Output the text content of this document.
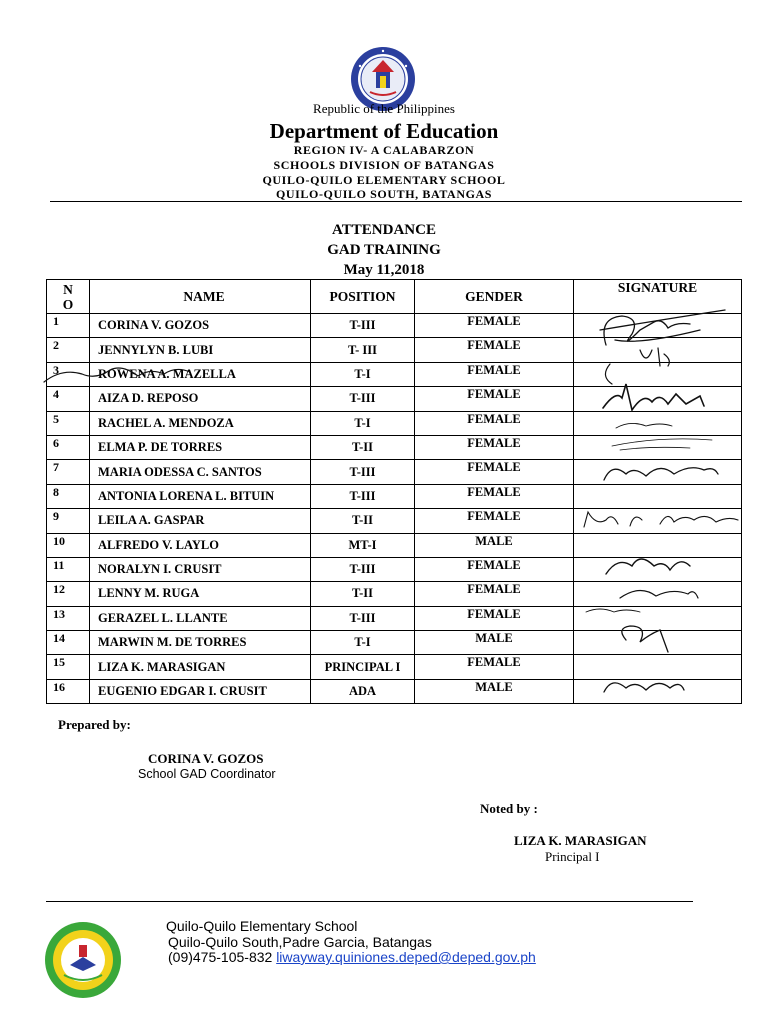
Republic of the Philippines
Department of Education
REGION IV- A CALABARZON
SCHOOLS DIVISION OF BATANGAS
QUILO-QUILO ELEMENTARY SCHOOL
QUILO-QUILO SOUTH, BATANGAS
ATTENDANCE
GAD TRAINING
May 11,2018
N
O	NAME	POSITION	GENDER	SIGNATURE
1	CORINA V. GOZOS	T-III	FEMALE	
2	JENNYLYN B. LUBI	T- III	FEMALE	
3	ROWENA A. MAZELLA	T-I	FEMALE	
4	AIZA D. REPOSO	T-III	FEMALE	
5	RACHEL A. MENDOZA	T-I	FEMALE	
6	ELMA P. DE TORRES	T-II	FEMALE	
7	MARIA ODESSA C. SANTOS	T-III	FEMALE	
8	ANTONIA LORENA L. BITUIN	T-III	FEMALE	
9	LEILA A. GASPAR	T-II	FEMALE	
10	ALFREDO V. LAYLO	MT-I	MALE	
11	NORALYN I. CRUSIT	T-III	FEMALE	
12	LENNY M. RUGA	T-II	FEMALE	
13	GERAZEL L. LLANTE	T-III	FEMALE	
14	MARWIN M. DE TORRES	T-I	MALE	
15	LIZA K. MARASIGAN	PRINCIPAL I	FEMALE	
16	EUGENIO EDGAR I. CRUSIT	ADA	MALE	
Prepared by:
CORINA V. GOZOS
School GAD Coordinator
Noted by :
LIZA K. MARASIGAN
Principal I
Quilo-Quilo Elementary School
Quilo-Quilo South,Padre Garcia, Batangas
(09)475-105-832 liwayway.quiniones.deped@deped.gov.ph
